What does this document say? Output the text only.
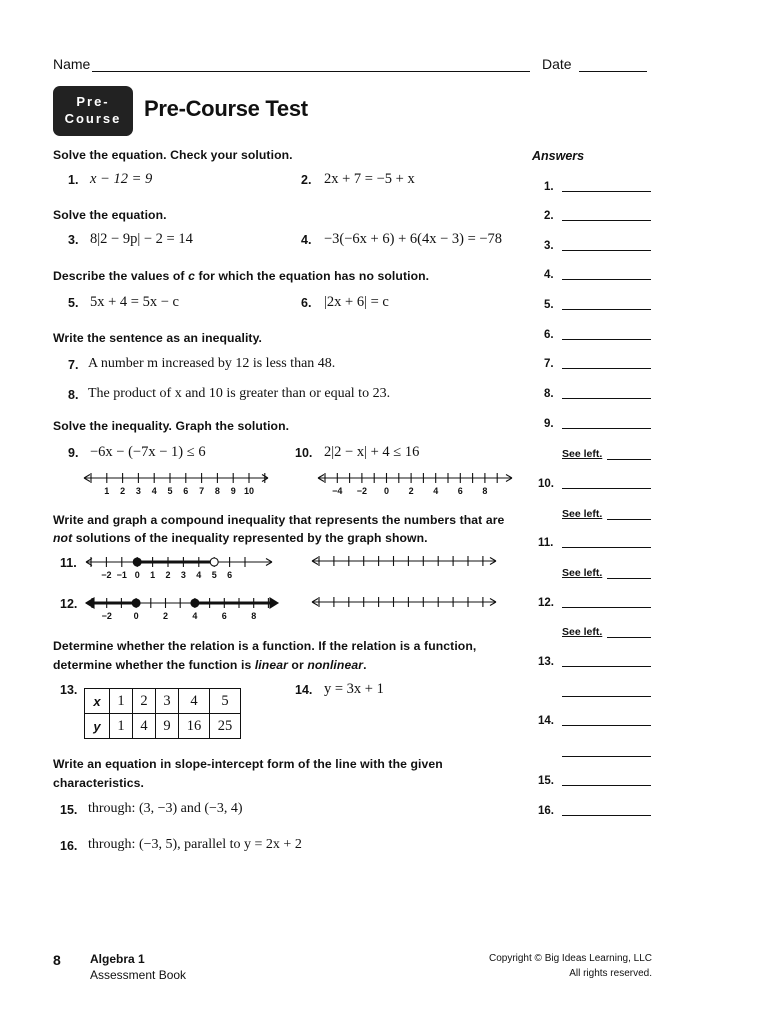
Name	Date
Pre-
Course	Pre-Course Test
Answers
Solve the equation. Check your solution.
1. x − 12 = 9	2. 2x + 7 = −5 + x
Solve the equation.
3. 8|2 − 9p| − 2 = 14	4. −3(−6x + 6) + 6(4x − 3) = −78
Describe the values of c for which the equation has no solution.
5. 5x + 4 = 5x − c	6. |2x + 6| = c
Write the sentence as an inequality.
7. A number m increased by 12 is less than 48.
8. The product of x and 10 is greater than or equal to 23.
Solve the inequality. Graph the solution.
9. −6x − (−7x − 1) ≤ 6	10. 2|2 − x| + 4 ≤ 16
1 2 3 4 5 6 7 8 9 10	−4 −2 0 2 4 6 8
Write and graph a compound inequality that represents the numbers that are
not solutions of the inequality represented by the graph shown.
11.
−2 −1 0 1 2 3 4 5 6
12.
−2 0	2	4	6	8
Determine whether the relation is a function. If the relation is a function,
determine whether the function is linear or nonlinear.
13.
x	1	2	3	4	5
y	1	4	9	16	25
14. y = 3x + 1
Write an equation in slope-intercept form of the line with the given
characteristics.
15. through: (3, −3) and (−3, 4)
16. through: (−3, 5), parallel to y = 2x + 2
1.
2.
3.
4.
5.
6.
7.
8.
9.
See left.
10.
See left.
11.
See left.
12.
See left.
13.
14.
15.
16.
8 Algebra 1
Assessment Book
Copyright © Big Ideas Learning, LLC
All rights reserved.
